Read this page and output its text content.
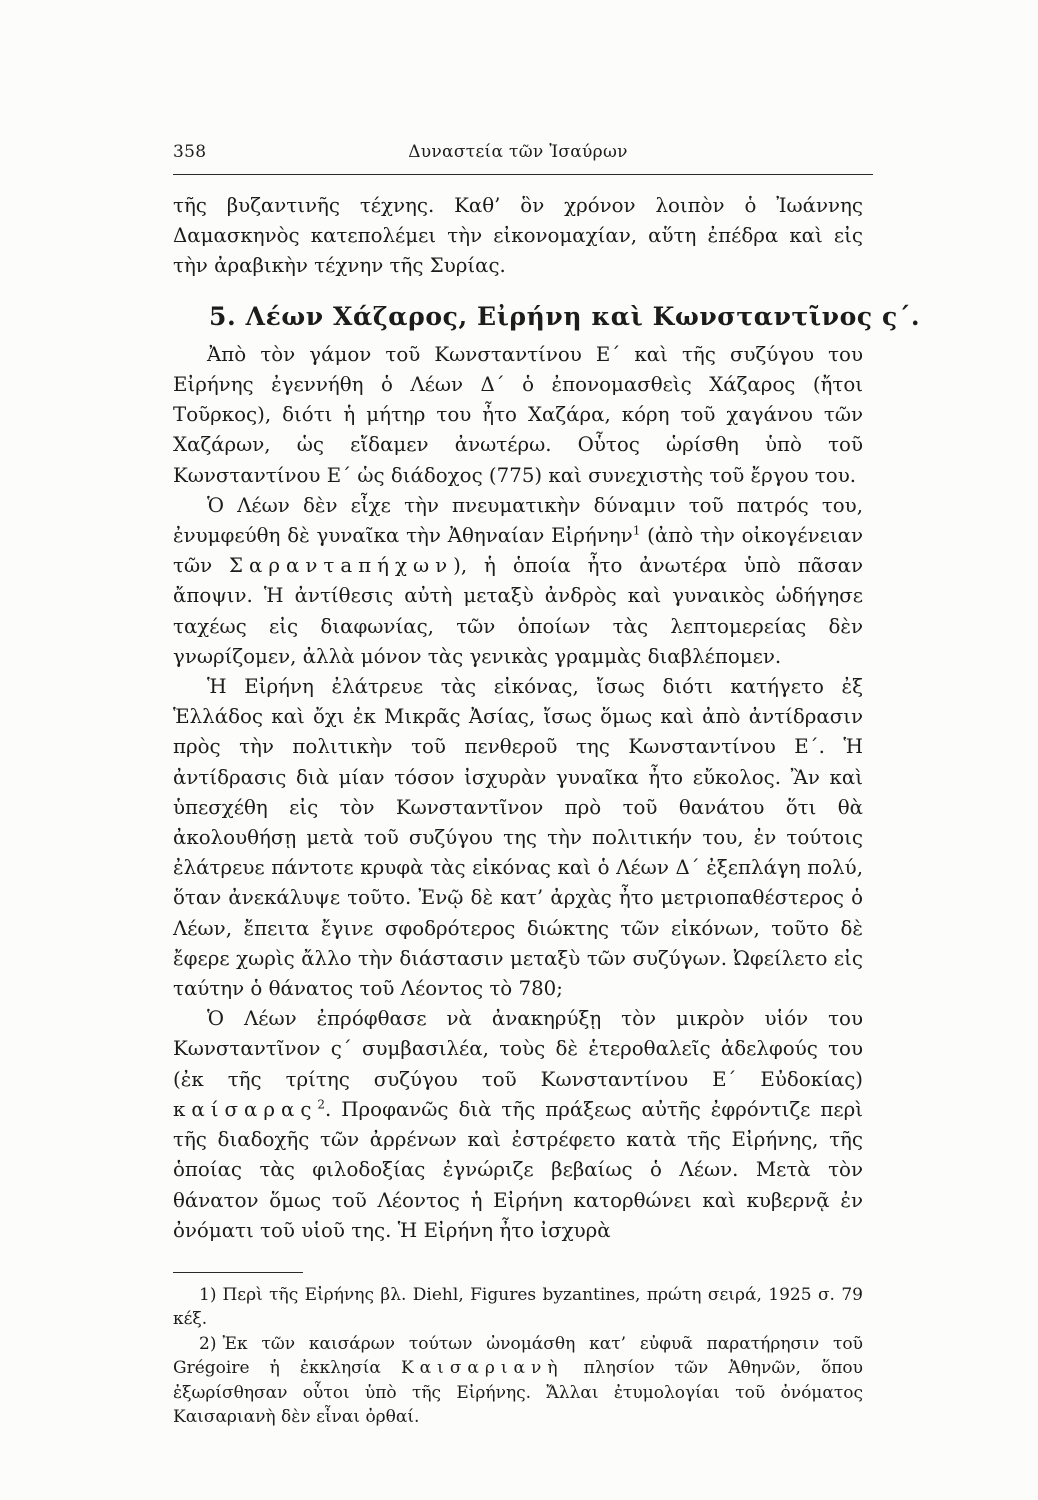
358	Δυναστεία τῶν Ἰσαύρων

τῆς βυζαντινῆς τέχνης. Καθ’ ὃν χρόνον λοιπὸν ὁ Ἰωάννης Δαμασκηνὸς κατεπολέμει τὴν εἰκονομαχίαν, αὕτη ἐπέδρα καὶ εἰς τὴν ἀραβικὴν τέχνην τῆς Συρίας.

5. Λέων Χάζαρος, Εἰρήνη καὶ Κωνσταντῖνος ς΄.

Ἀπὸ τὸν γάμον τοῦ Κωνσταντίνου Ε΄ καὶ τῆς συζύγου του Εἰρήνης ἐγεννήθη ὁ Λέων Δ΄ ὁ ἐπονομασθεὶς Χάζαρος (ἤτοι Τοῦρκος), διότι ἡ μήτηρ του ἦτο Χαζάρα, κόρη τοῦ χαγάνου τῶν Χαζάρων, ὡς εἴδαμεν ἀνωτέρω. Οὗτος ὡρίσθη ὑπὸ τοῦ Κωνσταντίνου Ε΄ ὡς διάδοχος (775) καὶ συνεχιστὴς τοῦ ἔργου του.

Ὁ Λέων δὲν εἶχε τὴν πνευματικὴν δύναμιν τοῦ πατρός του, ἐνυμφεύθη δὲ γυναῖκα τὴν Ἀθηναίαν Εἰρήνην$^1$ (ἀπὸ τὴν οἰκογένειαν τῶν Σαραντaπήχων), ἡ ὁποία ἦτο ἀνωτέρα ὑπὸ πᾶσαν ἄποψιν. Ἡ ἀντίθεσις αὐτὴ μεταξὺ ἀνδρὸς καὶ γυναικὸς ὡδήγησε ταχέως εἰς διαφωνίας, τῶν ὁποίων τὰς λεπτομερείας δὲν γνωρίζομεν, ἀλλὰ μόνον τὰς γενικὰς γραμμὰς διαβλέπομεν.

Ἡ Εἰρήνη ἐλάτρευε τὰς εἰκόνας, ἴσως διότι κατήγετο ἐξ Ἑλλάδος καὶ ὄχι ἐκ Μικρᾶς Ἀσίας, ἴσως ὅμως καὶ ἀπὸ ἀντίδρασιν πρὸς τὴν πολιτικὴν τοῦ πενθεροῦ της Κωνσταντίνου Ε΄. Ἡ ἀντίδρασις διὰ μίαν τόσον ἰσχυρὰν γυναῖκα ἦτο εὔκολος. Ἂν καὶ ὑπεσχέθη εἰς τὸν Κωνσταντῖνον πρὸ τοῦ θανάτου ὅτι θὰ ἀκολουθήσῃ μετὰ τοῦ συζύγου της τὴν πολιτικήν του, ἐν τούτοις ἐλάτρευε πάντοτε κρυφὰ τὰς εἰκόνας καὶ ὁ Λέων Δ΄ ἐξεπλάγη πολύ, ὅταν ἀνεκάλυψε τοῦτο. Ἐνῷ δὲ κατ’ ἀρχὰς ἦτο μετριοπαθέστερος ὁ Λέων, ἔπειτα ἔγινε σφοδρότερος διώκτης τῶν εἰκόνων, τοῦτο δὲ ἔφερε χωρὶς ἄλλο τὴν διάστασιν μεταξὺ τῶν συζύγων. Ὠφείλετο εἰς ταύτην ὁ θάνατος τοῦ Λέοντος τὸ 780;

Ὁ Λέων ἐπρόφθασε νὰ ἀνακηρύξῃ τὸν μικρὸν υἱόν του Κωνσταντῖνον ς΄ συμβασιλέα, τοὺς δὲ ἑτεροθαλεῖς ἀδελφούς του (ἐκ τῆς τρίτης συζύγου τοῦ Κωνσταντίνου Ε΄ Εὐδοκίας) καίσαρας$^2$. Προφανῶς διὰ τῆς πράξεως αὐτῆς ἐφρόντιζε περὶ τῆς διαδοχῆς τῶν ἀρρένων καὶ ἐστρέφετο κατὰ τῆς Εἰρήνης, τῆς ὁποίας τὰς φιλοδοξίας ἐγνώριζε βεβαίως ὁ Λέων. Μετὰ τὸν θάνατον ὅμως τοῦ Λέοντος ἡ Εἰρήνη κατορθώνει καὶ κυβερνᾷ ἐν ὀνόματι τοῦ υἱοῦ της. Ἡ Εἰρήνη ἦτο ἰσχυρὰ

1) Περὶ τῆς Εἰρήνης βλ. Diehl, Figures byzantines, πρώτη σειρά, 1925 σ. 79 κέξ.

2) Ἐκ τῶν καισάρων τούτων ὠνομάσθη κατ’ εὐφυᾶ παρατήρησιν τοῦ Grégoire ἡ ἐκκλησία Καισαριανὴ πλησίον τῶν Ἀθηνῶν, ὅπου ἐξωρίσθησαν οὗτοι ὑπὸ τῆς Εἰρήνης. Ἄλλαι ἐτυμολογίαι τοῦ ὀνόματος Καισαριανὴ δὲν εἶναι ὀρθαί.
